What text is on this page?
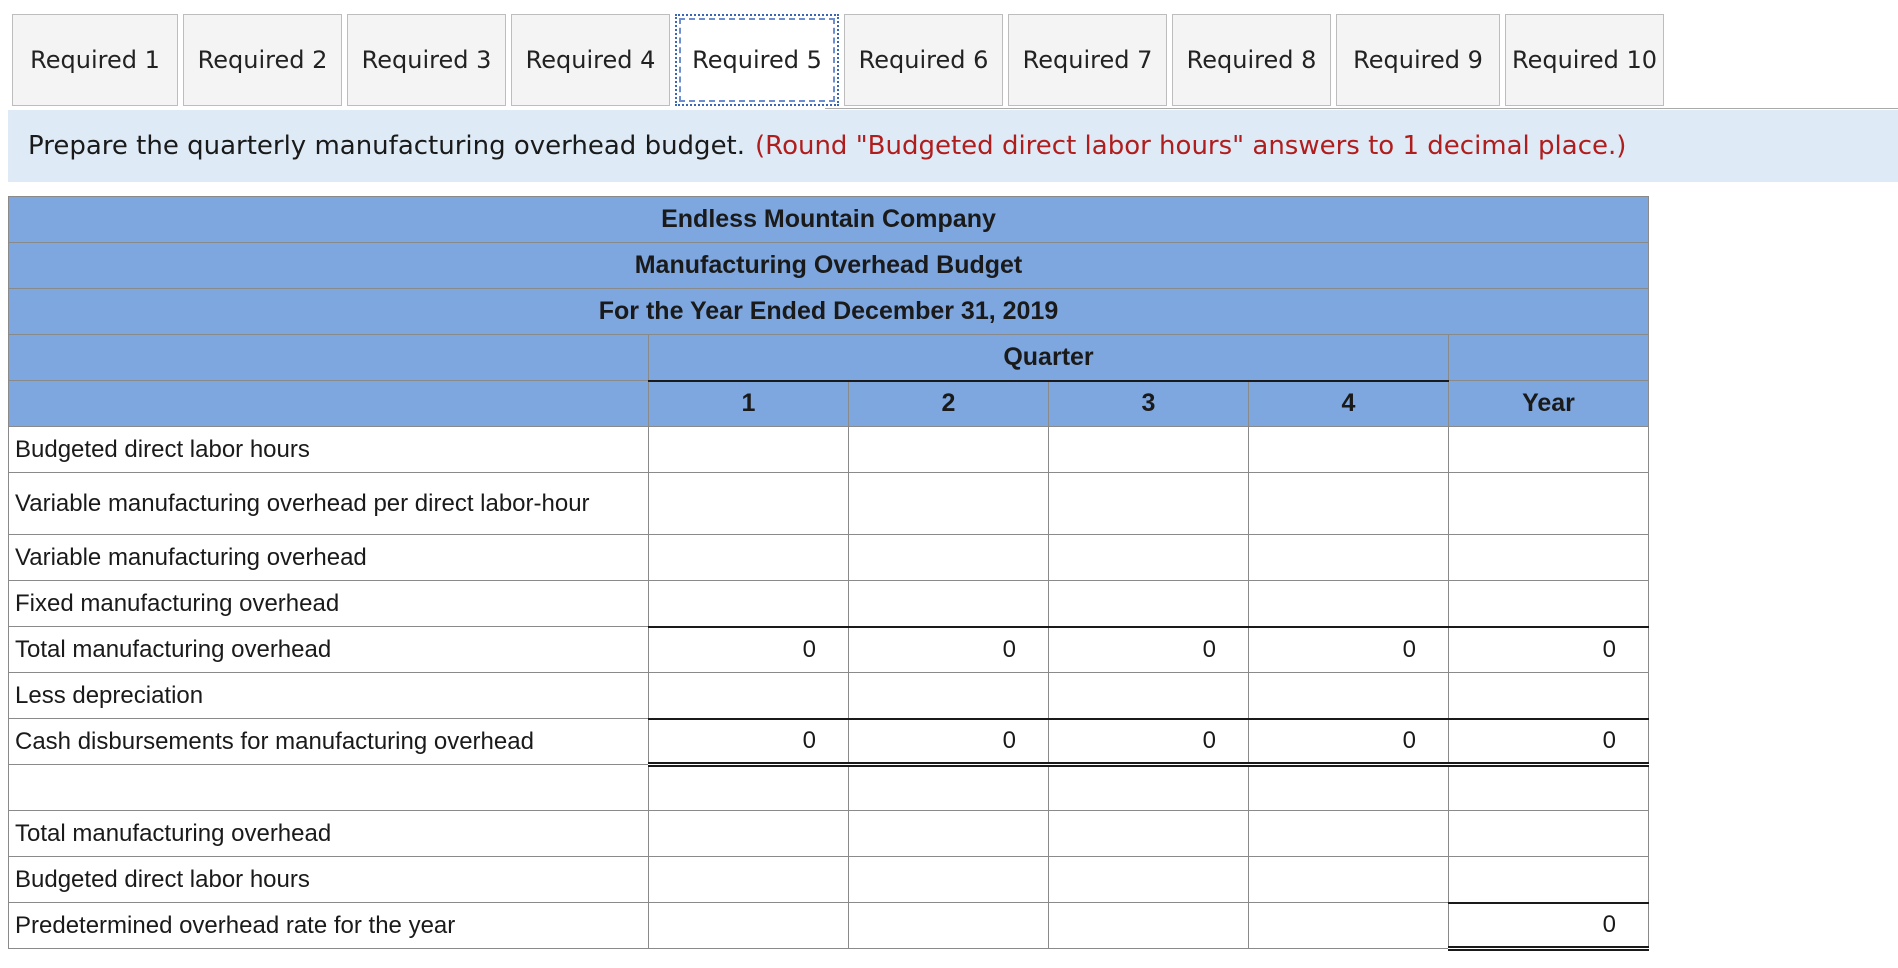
Required 1	Required 2	Required 3	Required 4	Required 5	Required 6	Required 7	Required 8	Required 9	Required 10
Prepare the quarterly manufacturing overhead budget. (Round "Budgeted direct labor hours" answers to 1 decimal place.)
Endless Mountain Company					
Manufacturing Overhead Budget					
For the Year Ended December 31, 2019					
	Quarter				
	1	2	3	4	Year
Budgeted direct labor hours					
Variable manufacturing overhead per direct labor-hour					
Variable manufacturing overhead					
Fixed manufacturing overhead					
Total manufacturing overhead	0	0	0	0	0
Less depreciation					
Cash disbursements for manufacturing overhead	0	0	0	0	0

Total manufacturing overhead					
Budgeted direct labor hours					
Predetermined overhead rate for the year					0
